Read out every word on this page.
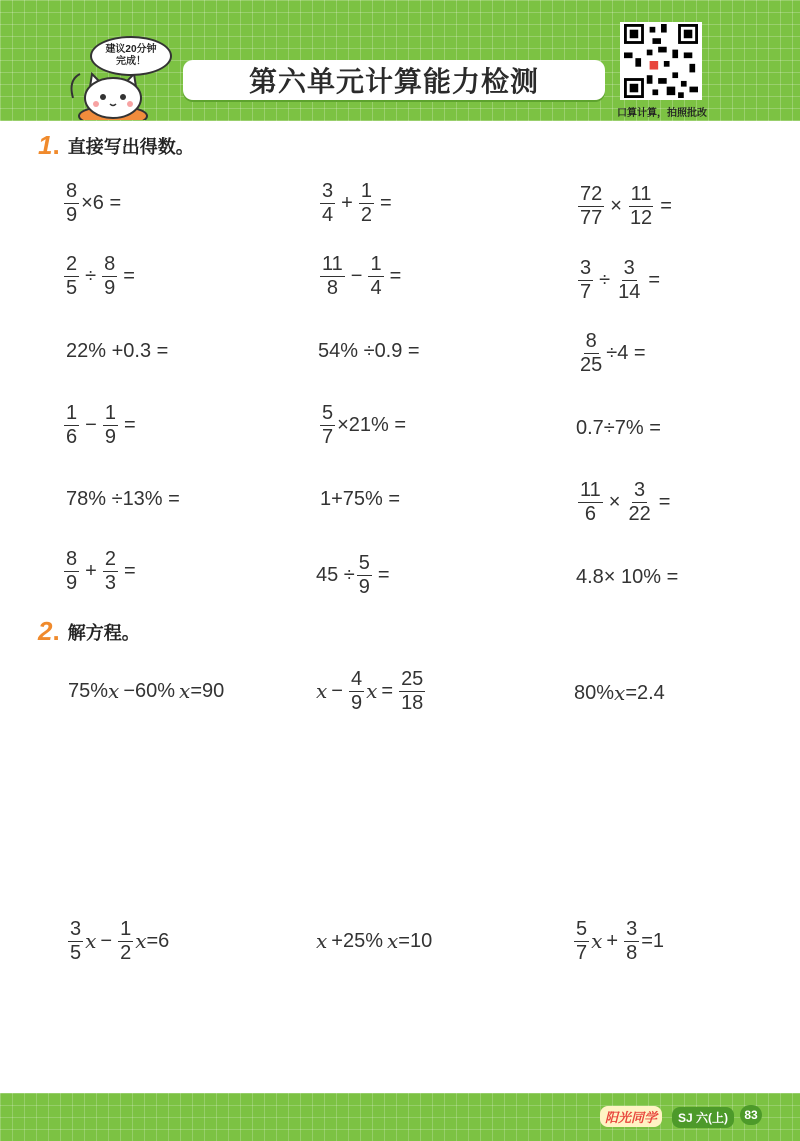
建议20分钟
完成！
第六单元计算能力检测
口算计算，拍照批改
1 . 直接写出得数。
$\frac{8}{9} \times 6$ =	$\frac{3}{4} + \frac{1}{2}$ =	$\frac{72}{77} \times \frac{11}{12}$ =
$\frac{2}{5} \div \frac{8}{9}$ =	$\frac{11}{8} - \frac{1}{4}$ =	$\frac{3}{7} \div \frac{3}{14}$ =
22% +0.3 =	54% ÷0.9 =	$\frac{8}{25} \div 4$ =
$\frac{1}{6} - \frac{1}{9}$ =	$\frac{5}{7} \times 21\%$ =	0.7÷7% =
78% ÷13% =	1+75% =	$\frac{11}{6} \times \frac{3}{22}$ =
$\frac{8}{9} + \frac{2}{3}$ =	$45 \div \frac{5}{9}$ =	4.8× 10% =
2 . 解方程。
75% x −60% x =90	$x - \frac{4}{9}$ $x = \frac{25}{18}$	80% x =2.4
$\frac{3}{5}$ $x - \frac{1}{2}$ x =6	x +25% x =10	$\frac{5}{7}$ $x + \frac{3}{8} =1$
阳光同学	SJ 六(上)	83
